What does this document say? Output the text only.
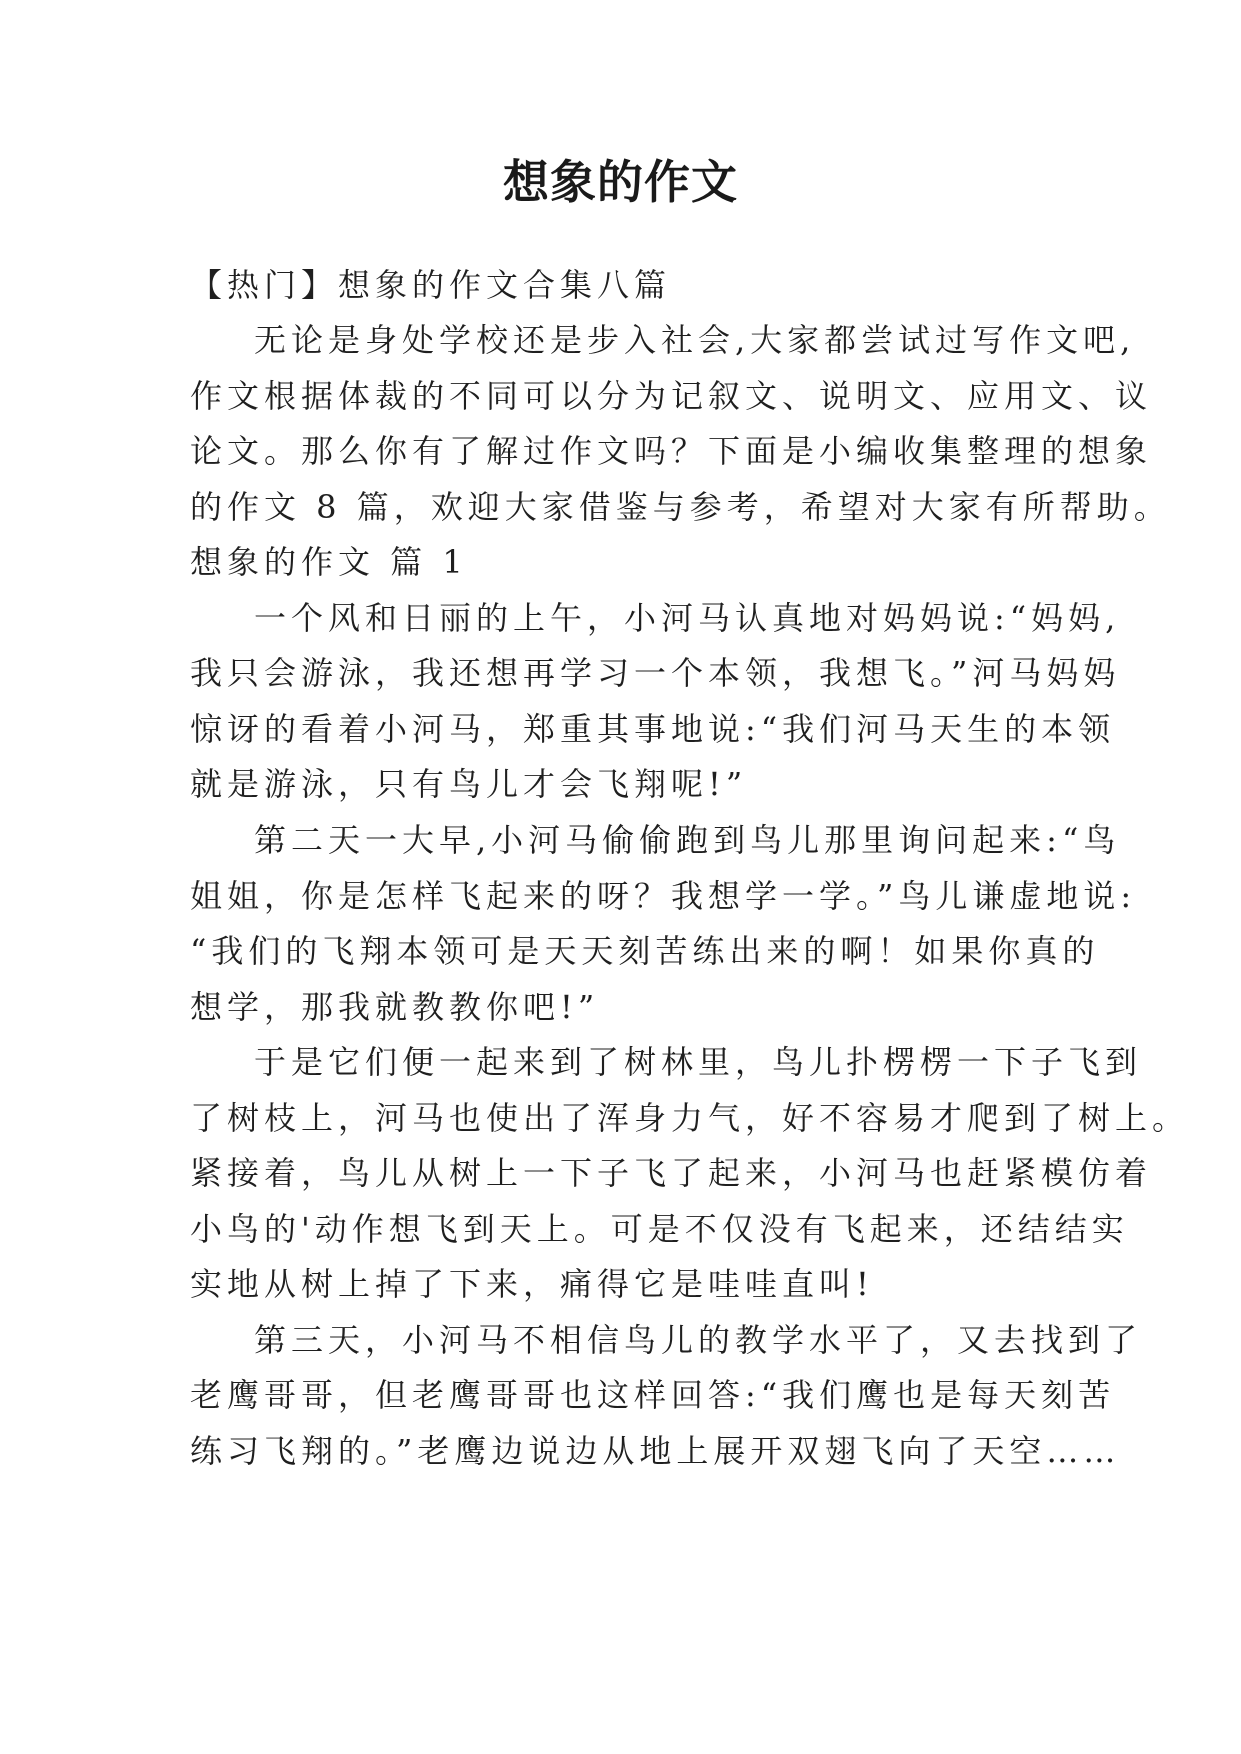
想象的作文
【热门】想象的作文合集八篇
无论是身处学校还是步入社会,大家都尝试过写作文吧,
作文根据体裁的不同可以分为记叙文、说明文、应用文、议
论文。那么你有了解过作文吗？下面是小编收集整理的想象
的作文 8 篇，欢迎大家借鉴与参考，希望对大家有所帮助。
想象的作文 篇 1
一个风和日丽的上午，小河马认真地对妈妈说:“妈妈,
我只会游泳，我还想再学习一个本领，我想飞。”河马妈妈
惊讶的看着小河马，郑重其事地说:“我们河马天生的本领
就是游泳，只有鸟儿才会飞翔呢!”
第二天一大早,小河马偷偷跑到鸟儿那里询问起来:“鸟
姐姐，你是怎样飞起来的呀？我想学一学。”鸟儿谦虚地说:
“我们的飞翔本领可是天天刻苦练出来的啊！如果你真的
想学，那我就教教你吧!”
于是它们便一起来到了树林里，鸟儿扑楞楞一下子飞到
了树枝上，河马也使出了浑身力气，好不容易才爬到了树上。
紧接着，鸟儿从树上一下子飞了起来，小河马也赶紧模仿着
小鸟的'动作想飞到天上。可是不仅没有飞起来，还结结实
实地从树上掉了下来，痛得它是哇哇直叫!
第三天，小河马不相信鸟儿的教学水平了，又去找到了
老鹰哥哥，但老鹰哥哥也这样回答:“我们鹰也是每天刻苦
练习飞翔的。”老鹰边说边从地上展开双翅飞向了天空……
